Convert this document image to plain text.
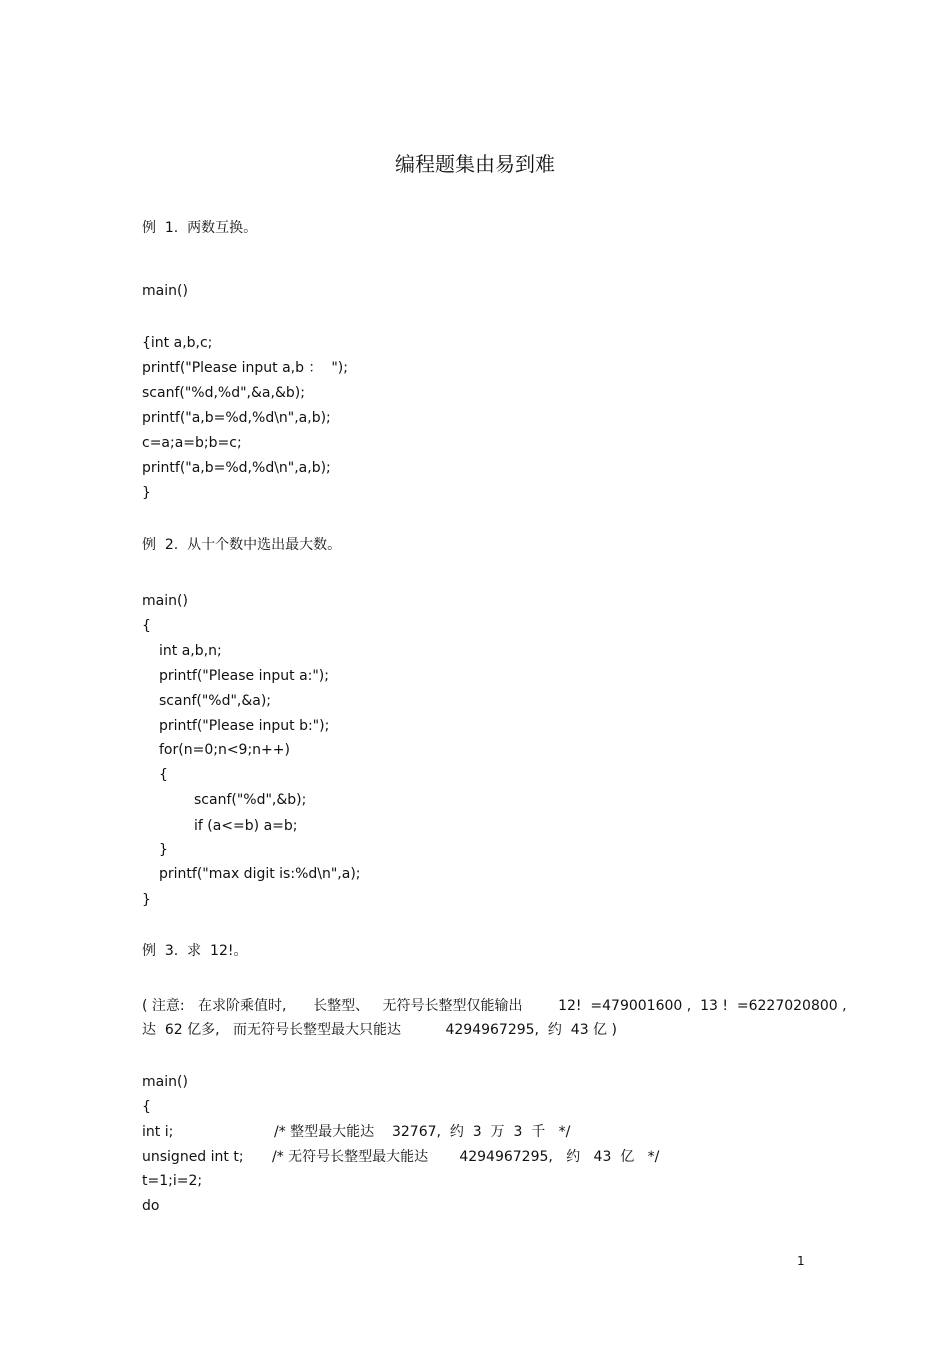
编程题集由易到难
例  1.  两数互换。
main()
{int a,b,c;
printf("Please input a,b ：  ");
scanf("%d,%d",&a,&b);
printf("a,b=%d,%d\n",a,b);
c=a;a=b;b=c;
printf("a,b=%d,%d\n",a,b);
}
例  2.  从十个数中选出最大数。
main()
{
int a,b,n;
printf("Please input a:");
scanf("%d",&a);
printf("Please input b:");
for(n=0;n<9;n++)
{
scanf("%d",&b);
if (a<=b) a=b;
}
printf("max digit is:%d\n",a);
}
例  3.  求  12!。
( 注意:   在求阶乘值时,      长整型、   无符号长整型仅能输出        12!  =479001600 ,  13 !  =6227020800 ,
达  62 亿多,   而无符号长整型最大只能达          4294967295,  约  43 亿 )
main()
{
int i;	/* 整型最大能达    32767,  约  3  万  3  千   */
unsigned int t; /* 无符号长整型最大能达       4294967295,   约   43  亿   */
t=1;i=2;
do
1
